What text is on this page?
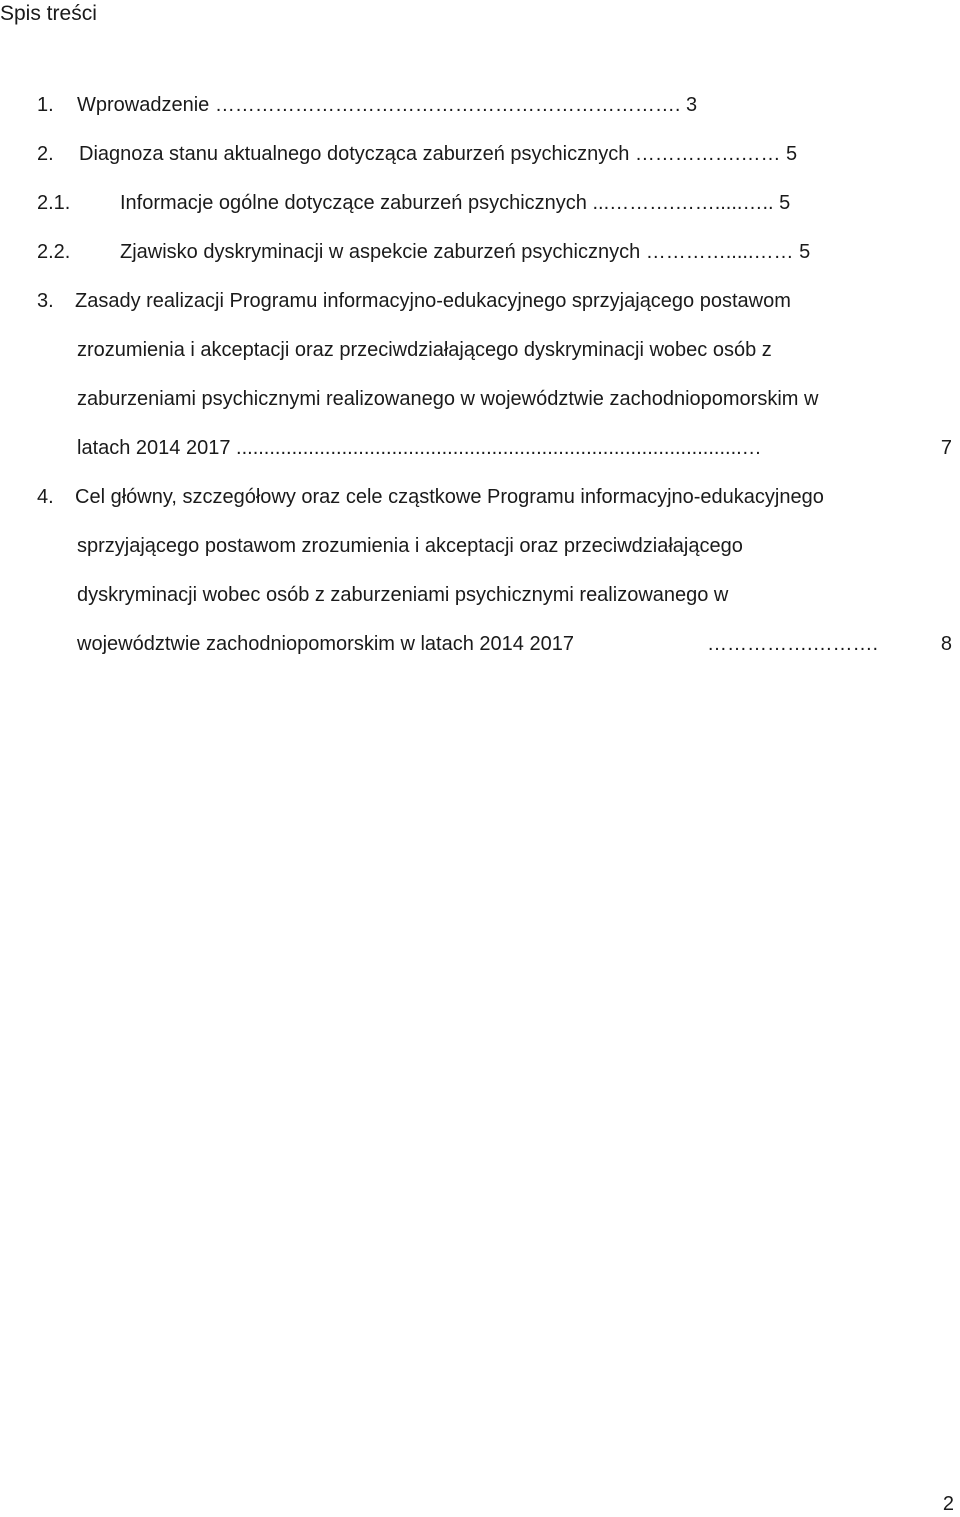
Spis treści
1. Wprowadzenie ……………………………………………………………. 3
2. Diagnoza stanu aktualnego dotycząca zaburzeń psychicznych …………….…… 5
2.1. Informacje ogólne dotyczące zaburzeń psychicznych ...……….…….....….. 5
2.2. Zjawisko dyskryminacji w aspekcie zaburzeń psychicznych ………….....…… 5
3. Zasady realizacji Programu informacyjno-edukacyjnego sprzyjającego postawom
zrozumienia i akceptacji oraz przeciwdziałającego dyskryminacji wobec osób z
zaburzeniami psychicznymi realizowanego w województwie zachodniopomorskim w
latach 2014 2017 ...........................................................................................…	7
4. Cel główny, szczegółowy oraz cele cząstkowe Programu informacyjno-edukacyjnego
sprzyjającego postawom zrozumienia i akceptacji oraz przeciwdziałającego
dyskryminacji wobec osób z zaburzeniami psychicznymi realizowanego w
województwie zachodniopomorskim w latach 2014 2017	…………….……….	8
2
